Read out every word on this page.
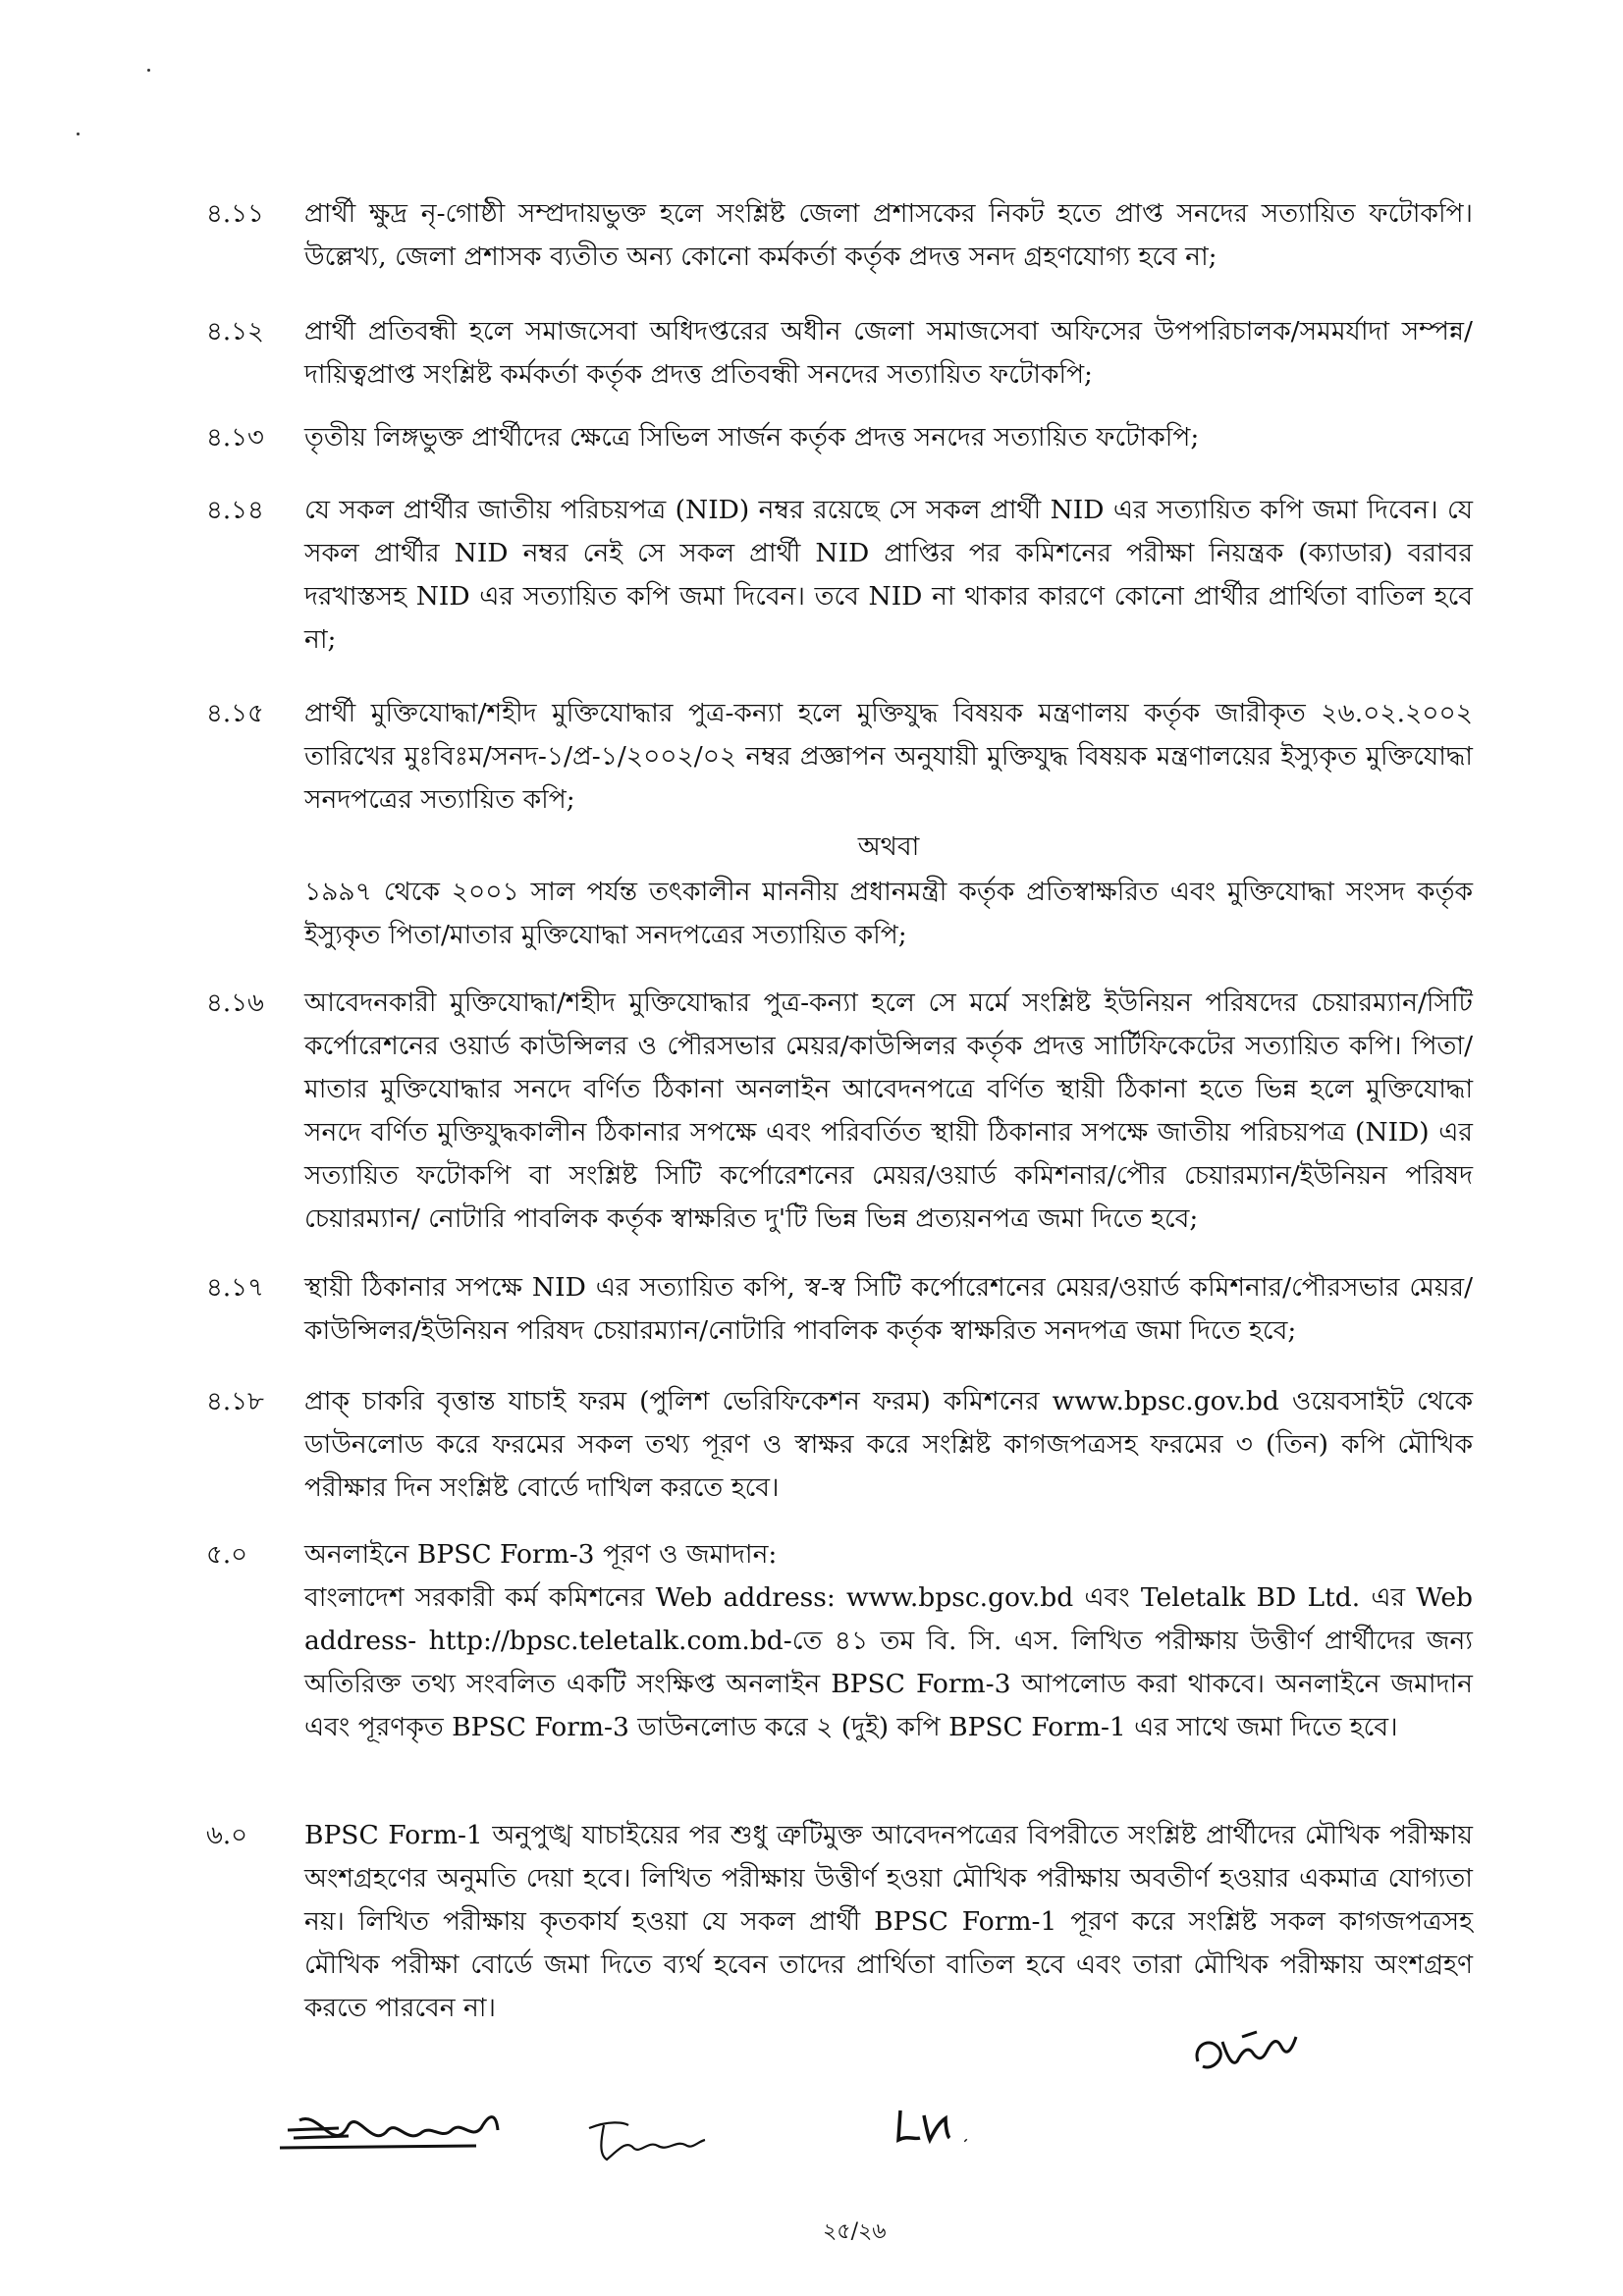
৪.১১	প্রার্থী ক্ষুদ্র নৃ-গোষ্ঠী সম্প্রদায়ভুক্ত হলে সংশ্লিষ্ট জেলা প্রশাসকের নিকট হতে প্রাপ্ত সনদের সত্যায়িত ফটোকপি। উল্লেখ্য, জেলা প্রশাসক ব্যতীত অন্য কোনো কর্মকর্তা কর্তৃক প্রদত্ত সনদ গ্রহণযোগ্য হবে না;

৪.১২	প্রার্থী প্রতিবন্ধী হলে সমাজসেবা অধিদপ্তরের অধীন জেলা সমাজসেবা অফিসের উপপরিচালক/সমমর্যাদা সম্পন্ন/দায়িত্বপ্রাপ্ত সংশ্লিষ্ট কর্মকর্তা কর্তৃক প্রদত্ত প্রতিবন্ধী সনদের সত্যায়িত ফটোকপি;

৪.১৩	তৃতীয় লিঙ্গভুক্ত প্রার্থীদের ক্ষেত্রে সিভিল সার্জন কর্তৃক প্রদত্ত সনদের সত্যায়িত ফটোকপি;

৪.১৪	যে সকল প্রার্থীর জাতীয় পরিচয়পত্র (NID) নম্বর রয়েছে সে সকল প্রার্থী NID এর সত্যায়িত কপি জমা দিবেন। যে সকল প্রার্থীর NID নম্বর নেই সে সকল প্রার্থী NID প্রাপ্তির পর কমিশনের পরীক্ষা নিয়ন্ত্রক (ক্যাডার) বরাবর দরখাস্তসহ NID এর সত্যায়িত কপি জমা দিবেন। তবে NID না থাকার কারণে কোনো প্রার্থীর প্রার্থিতা বাতিল হবে না;

৪.১৫	প্রার্থী মুক্তিযোদ্ধা/শহীদ মুক্তিযোদ্ধার পুত্র-কন্যা হলে মুক্তিযুদ্ধ বিষয়ক মন্ত্রণালয় কর্তৃক জারীকৃত ২৬.০২.২০০২ তারিখের মুঃবিঃম/সনদ-১/প্র-১/২০০২/০২ নম্বর প্রজ্ঞাপন অনুযায়ী মুক্তিযুদ্ধ বিষয়ক মন্ত্রণালয়ের ইস্যুকৃত মুক্তিযোদ্ধা সনদপত্রের সত্যায়িত কপি;

অথবা

১৯৯৭ থেকে ২০০১ সাল পর্যন্ত তৎকালীন মাননীয় প্রধানমন্ত্রী কর্তৃক প্রতিস্বাক্ষরিত এবং মুক্তিযোদ্ধা সংসদ কর্তৃক ইস্যুকৃত পিতা/মাতার মুক্তিযোদ্ধা সনদপত্রের সত্যায়িত কপি;

৪.১৬	আবেদনকারী মুক্তিযোদ্ধা/শহীদ মুক্তিযোদ্ধার পুত্র-কন্যা হলে সে মর্মে সংশ্লিষ্ট ইউনিয়ন পরিষদের চেয়ারম্যান/সিটি কর্পোরেশনের ওয়ার্ড কাউন্সিলর ও পৌরসভার মেয়র/কাউন্সিলর কর্তৃক প্রদত্ত সার্টিফিকেটের সত্যায়িত কপি। পিতা/মাতার মুক্তিযোদ্ধার সনদে বর্ণিত ঠিকানা অনলাইন আবেদনপত্রে বর্ণিত স্থায়ী ঠিকানা হতে ভিন্ন হলে মুক্তিযোদ্ধা সনদে বর্ণিত মুক্তিযুদ্ধকালীন ঠিকানার সপক্ষে এবং পরিবর্তিত স্থায়ী ঠিকানার সপক্ষে জাতীয় পরিচয়পত্র (NID) এর সত্যায়িত ফটোকপি বা সংশ্লিষ্ট সিটি কর্পোরেশনের মেয়র/ওয়ার্ড কমিশনার/পৌর চেয়ারম্যান/ইউনিয়ন পরিষদ চেয়ারম্যান/ নোটারি পাবলিক কর্তৃক স্বাক্ষরিত দু'টি ভিন্ন ভিন্ন প্রত্যয়নপত্র জমা দিতে হবে;

৪.১৭	স্থায়ী ঠিকানার সপক্ষে NID এর সত্যায়িত কপি, স্ব-স্ব সিটি কর্পোরেশনের মেয়র/ওয়ার্ড কমিশনার/পৌরসভার মেয়র/ কাউন্সিলর/ইউনিয়ন পরিষদ চেয়ারম্যান/নোটারি পাবলিক কর্তৃক স্বাক্ষরিত সনদপত্র জমা দিতে হবে;

৪.১৮	প্রাক্ চাকরি বৃত্তান্ত যাচাই ফরম (পুলিশ ভেরিফিকেশন ফরম) কমিশনের www.bpsc.gov.bd ওয়েবসাইট থেকে ডাউনলোড করে ফরমের সকল তথ্য পূরণ ও স্বাক্ষর করে সংশ্লিষ্ট কাগজপত্রসহ ফরমের ৩ (তিন) কপি মৌখিক পরীক্ষার দিন সংশ্লিষ্ট বোর্ডে দাখিল করতে হবে।

৫.০	অনলাইনে BPSC Form-3 পূরণ ও জমাদান:

বাংলাদেশ সরকারী কর্ম কমিশনের Web address: www.bpsc.gov.bd এবং Teletalk BD Ltd. এর Web address- http://bpsc.teletalk.com.bd-তে ৪১ তম বি. সি. এস. লিখিত পরীক্ষায় উত্তীর্ণ প্রার্থীদের জন্য অতিরিক্ত তথ্য সংবলিত একটি সংক্ষিপ্ত অনলাইন BPSC Form-3 আপলোড করা থাকবে। অনলাইনে জমাদান এবং পূরণকৃত BPSC Form-3 ডাউনলোড করে ২ (দুই) কপি BPSC Form-1 এর সাথে জমা দিতে হবে।

৬.০	BPSC Form-1 অনুপুঙ্খ যাচাইয়ের পর শুধু ত্রুটিমুক্ত আবেদনপত্রের বিপরীতে সংশ্লিষ্ট প্রার্থীদের মৌখিক পরীক্ষায় অংশগ্রহণের অনুমতি দেয়া হবে। লিখিত পরীক্ষায় উত্তীর্ণ হওয়া মৌখিক পরীক্ষায় অবতীর্ণ হওয়ার একমাত্র যোগ্যতা নয়। লিখিত পরীক্ষায় কৃতকার্য হওয়া যে সকল প্রার্থী BPSC Form-1 পূরণ করে সংশ্লিষ্ট সকল কাগজপত্রসহ মৌখিক পরীক্ষা বোর্ডে জমা দিতে ব্যর্থ হবেন তাদের প্রার্থিতা বাতিল হবে এবং তারা মৌখিক পরীক্ষায় অংশগ্রহণ করতে পারবেন না।

২৫/২৬
